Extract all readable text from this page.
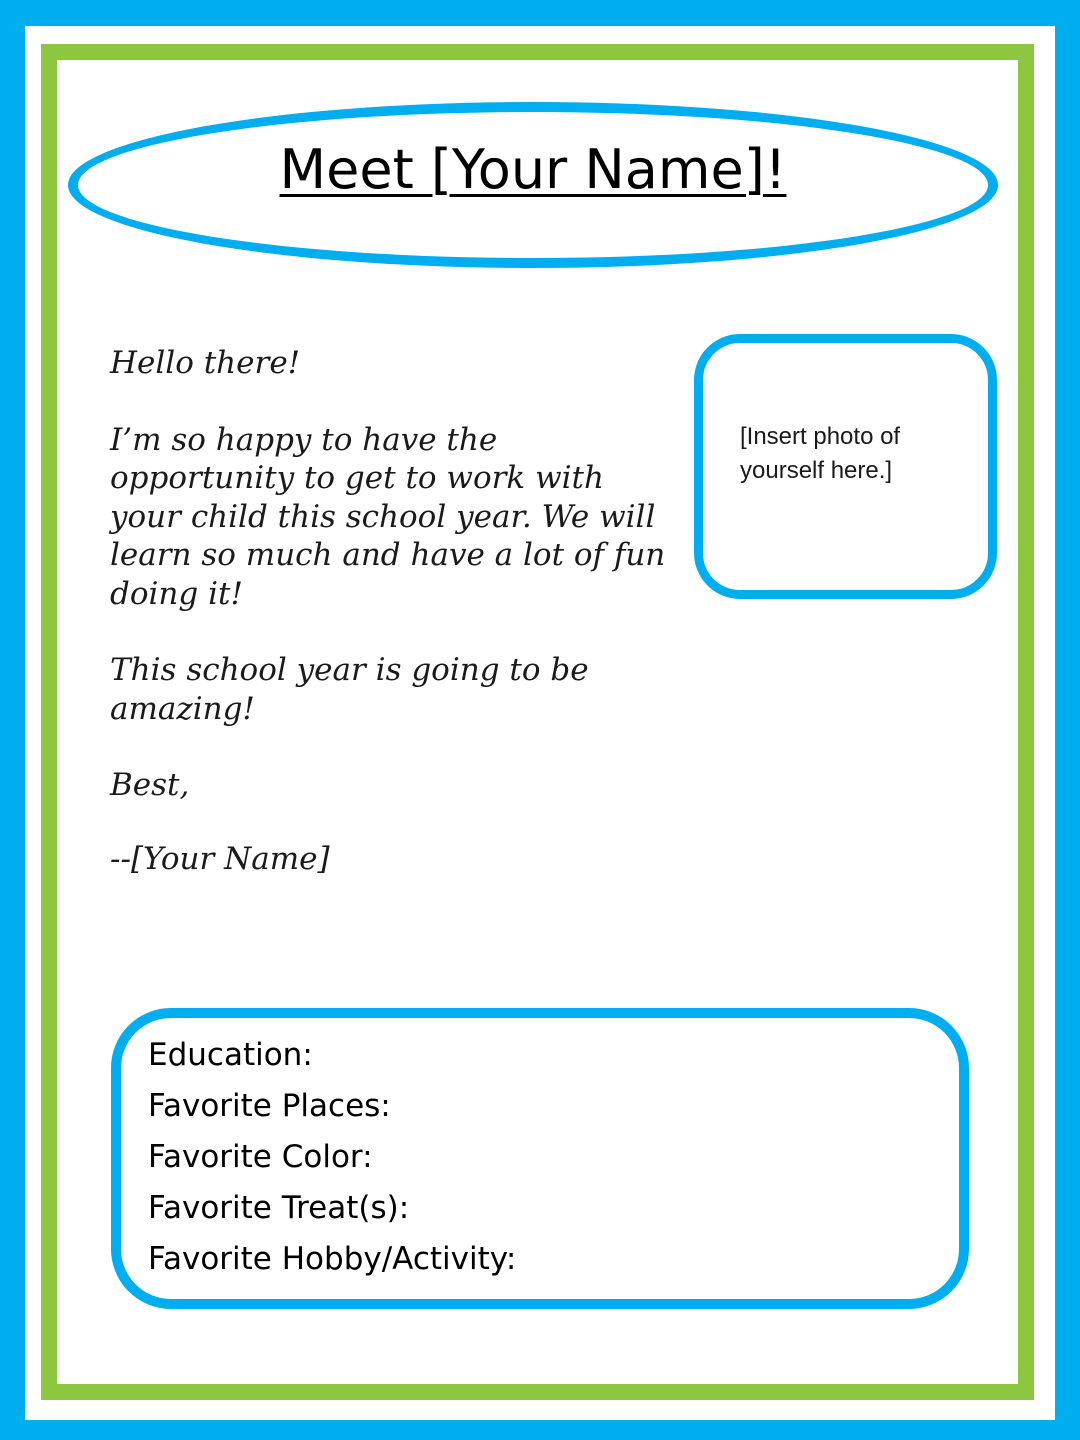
Meet [Your Name]!

Hello there!

I’m so happy to have the opportunity to get to work with your child this school year. We will learn so much and have a lot of fun doing it!

This school year is going to be amazing!

Best,

--[Your Name]

[Insert photo of yourself here.]
Education:
Favorite Places:
Favorite Color:
Favorite Treat(s):
Favorite Hobby/Activity:
